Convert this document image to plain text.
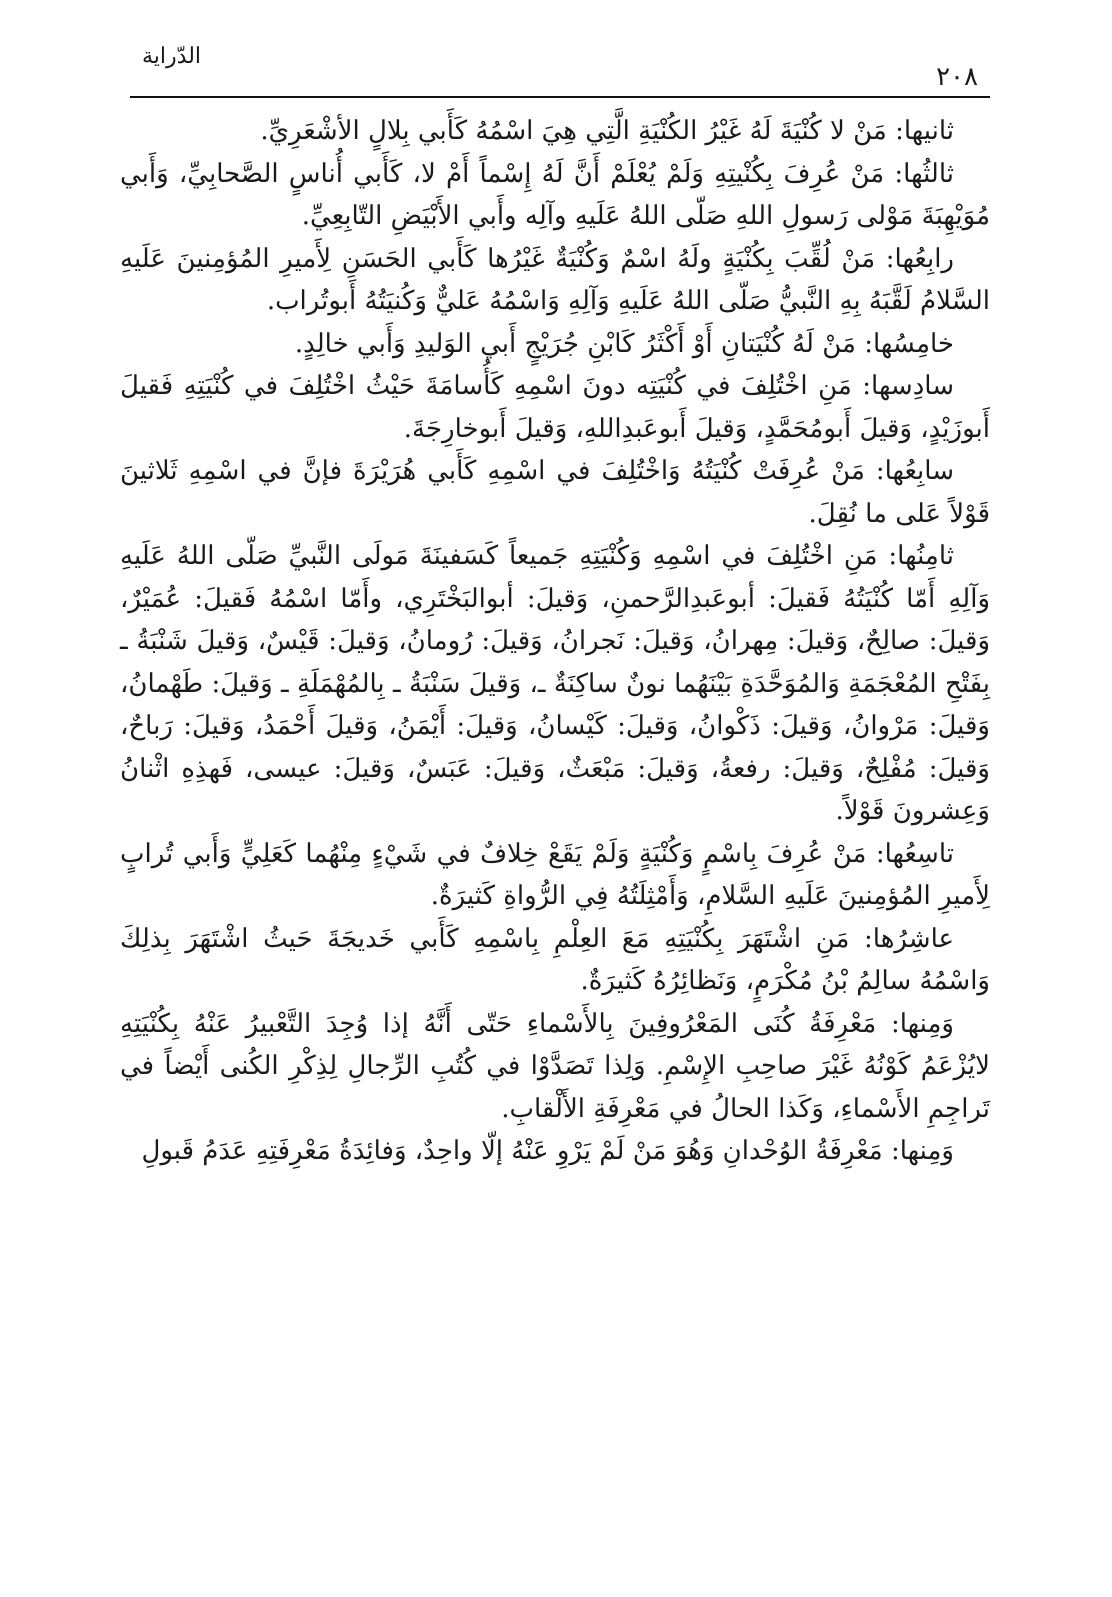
الدّراية
٢٠٨

ثانيها: مَنْ لا كُنْيَةَ لَهُ غَيْرُ الكُنْيَةِ الَّتِي هِيَ اسْمُهُ كَأَبي بِلالٍ الأشْعَرِيِّ.

ثالثُها: مَنْ عُرِفَ بِكُنْيتِهِ وَلَمْ يُعْلَمْ أَنَّ لَهُ إِسْماً أَمْ لا، كَأَبي أُناسٍ الصَّحابِيِّ، وَأَبي مُوَيْهِبَةَ مَوْلى رَسولِ اللهِ صَلّى اللهُ عَلَيهِ وآلِه وأَبي الأَبْيَضِ التّابِعِيِّ.

رابِعُها: مَنْ لُقِّبَ بِكُنْيَةٍ ولَهُ اسْمٌ وَكُنْيَةٌ غَيْرُها كَأَبي الحَسَنِ لِأَميرِ المُؤمِنينَ عَلَيهِ السَّلامُ لَقَّبَهُ بِهِ النَّبيُّ صَلّى اللهُ عَلَيهِ وَآلِهِ وَاسْمُهُ عَليٌّ وَكُنيَتُهُ أَبوتُراب.

خامِسُها: مَنْ لَهُ كُنْيَتانِ أَوْ أَكْثَرُ كَابْنِ جُرَيْجٍ أَبي الوَليدِ وَأَبي خالِدٍ.

سادِسها: مَنِ اخْتُلِفَ في كُنْيَتِه دونَ اسْمِهِ كَأُسامَةَ حَيْثُ اخْتُلِفَ في كُنْيَتِهِ فَقيلَ أَبوزَيْدٍ، وَقيلَ أَبومُحَمَّدٍ، وَقيلَ أَبوعَبدِاللهِ، وَقيلَ أَبوخارِجَةَ.

سابِعُها: مَنْ عُرِفَتْ كُنْيَتُهُ وَاخْتُلِفَ في اسْمِهِ كَأَبي هُرَيْرَةَ فإنَّ في اسْمِهِ ثَلاثينَ قَوْلاً عَلى ما نُقِلَ.

ثامِنُها: مَنِ اخْتُلِفَ في اسْمِهِ وَكُنْيَتِهِ جَميعاً كَسَفينَةَ مَولَى النَّبيِّ صَلّى اللهُ عَلَيهِ وَآلِهِ أَمّا كُنْيَتُهُ فَقيلَ: أبوعَبدِالرَّحمنِ، وَقيلَ: أبوالبَخْتَرِي، وأَمّا اسْمُهُ فَقيلَ: عُمَيْرٌ، وَقيلَ: صالِحٌ، وَقيلَ: مِهرانُ، وَقيلَ: نَجرانُ، وَقيلَ: رُومانُ، وَقيلَ: قَيْسٌ، وَقيلَ شَنْبَةُ ـ بِفَتْحِ المُعْجَمَةِ وَالمُوَحَّدَةِ بَيْنَهُما نونٌ ساكِنَةٌ ـ، وَقيلَ سَنْبَةُ ـ بِالمُهْمَلَةِ ـ وَقيلَ: طَهْمانُ، وَقيلَ: مَرْوانُ، وَقيلَ: ذَكْوانُ، وَقيلَ: كَيْسانُ، وَقيلَ: أَيْمَنُ، وَقيلَ أَحْمَدُ، وَقيلَ: رَباحٌ، وَقيلَ: مُفْلِحٌ، وَقيلَ: رفعةُ، وَقيلَ: مَبْعَثٌ، وَقيلَ: عَبَسٌ، وَقيلَ: عيسى، فَهذِهِ اثْنانُ وَعِشرونَ قَوْلاً.

تاسِعُها: مَنْ عُرِفَ بِاسْمٍ وَكُنْيَةٍ وَلَمْ يَقَعْ خِلافٌ في شَيْءٍ مِنْهُما كَعَلِيٍّ وَأَبي تُرابٍ لِأَميرِ المُؤمِنينَ عَلَيهِ السَّلامِ، وَأَمْثِلَتُهُ فِي الرُّواةِ كَثيرَةٌ.

عاشِرُها: مَنِ اشْتَهَرَ بِكُنْيَتِهِ مَعَ العِلْمِ بِاسْمِهِ كَأَبي خَديجَةَ حَيثُ اشْتَهَرَ بِذلِكَ وَاسْمُهُ سالِمُ بْنُ مُكْرَمٍ، وَنَظائِرُهُ كَثيرَةٌ.

وَمِنها: مَعْرِفَةُ كُنَى المَعْرُوفِينَ بِالأَسْماءِ حَتّى أَنَّهُ إذا وُجِدَ التَّعْبيرُ عَنْهُ بِكُنْيَتِهِ لايُزْعَمُ كَوْنُهُ غَيْرَ صاحِبِ الإِسْمِ. وَلِذا تَصَدَّوْا في كُتُبِ الرِّجالِ لِذِكْرِ الكُنى أَيْضاً في تَراجِمِ الأَسْماءِ، وَكَذا الحالُ في مَعْرِفَةِ الأَلْقابِ.

وَمِنها: مَعْرِفَةُ الوُحْدانِ وَهُوَ مَنْ لَمْ يَرْوِ عَنْهُ إلّا واحِدٌ، وَفائِدَةُ مَعْرِفَتِهِ عَدَمُ قَبولِ
